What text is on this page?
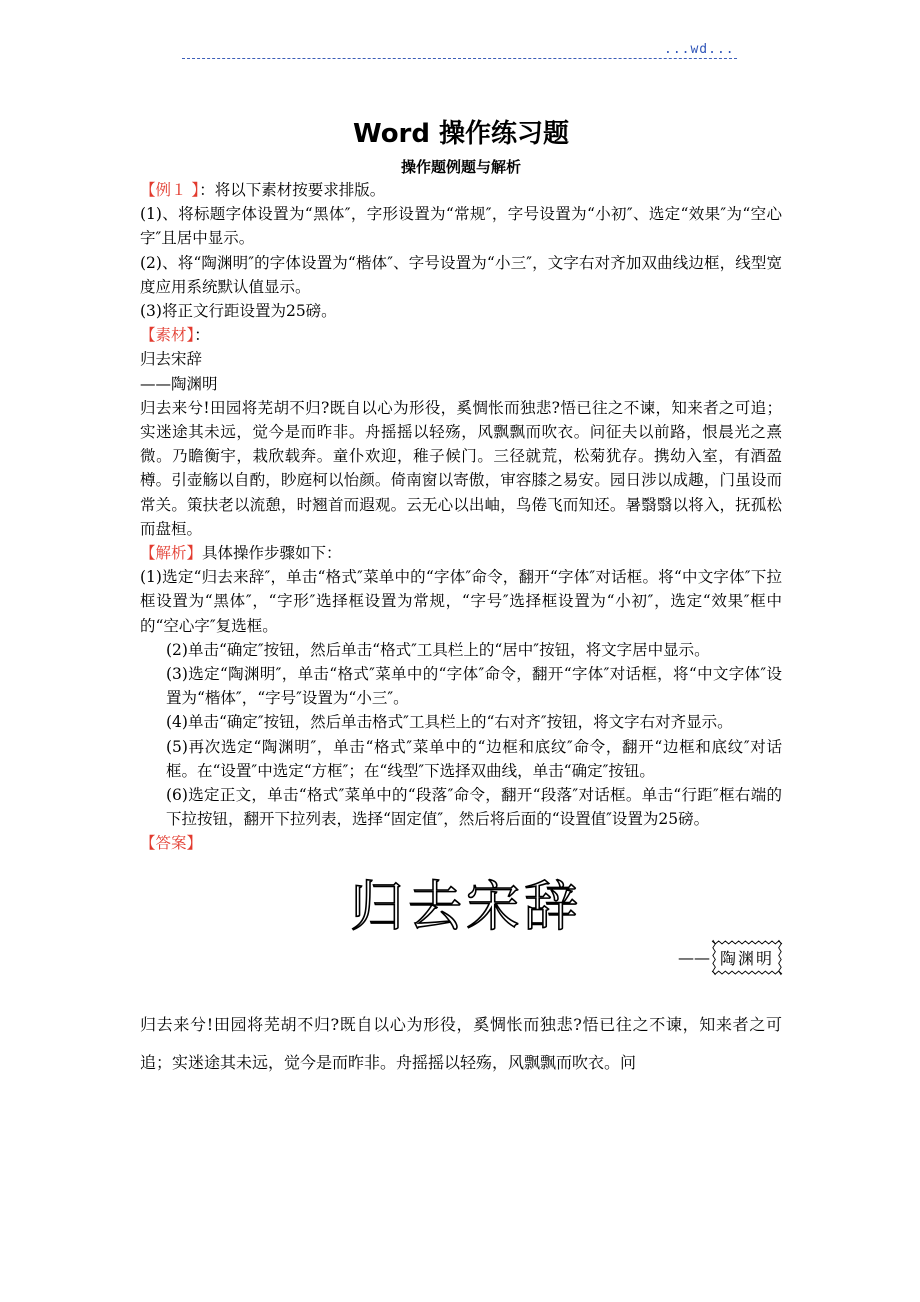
...wd...
Word 操作练习题
操作题例题与解析

【例１ 】：将以下素材按要求排版。

(1)、将标题字体设置为“黑体″，字形设置为“常规″，字号设置为“小初″、选定“效果″为“空心字″且居中显示。

(2)、将“陶渊明″的字体设置为“楷体″、字号设置为“小三″，文字右对齐加双曲线边框，线型宽度应用系统默认值显示。

(3)将正文行距设置为25磅。

【素材】：

归去宋辞

——陶渊明

归去来兮!田园将芜胡不归?既自以心为形役，奚惆怅而独悲?悟已往之不谏，知来者之可追；实迷途其未远，觉今是而昨非。舟摇摇以轻殇，风飘飘而吹衣。问征夫以前路，恨晨光之熹微。乃瞻衡宇，栽欣载奔。童仆欢迎，稚子候门。三径就荒，松菊犹存。携幼入室，有酒盈樽。引壶觞以自酌，眇庭柯以怡颜。倚南窗以寄傲，审容膝之易安。园日涉以成趣，门虽设而常关。策扶老以流憩，时翘首而遐观。云无心以出岫，鸟倦飞而知还。暑翳翳以将入，抚孤松而盘桓。

【解析】具体操作步骤如下：

(1)选定“归去来辞″，单击“格式″菜单中的“字体″命令，翻开“字体″对话框。将“中文字体″下拉框设置为“黑体″，“字形″选择框设置为常规，“字号″选择框设置为“小初″，选定“效果″框中的“空心字″复选框。

(2)单击“确定″按钮，然后单击“格式″工具栏上的“居中″按钮，将文字居中显示。

(3)选定“陶渊明″，单击“格式″菜单中的“字体″命令，翻开“字体″对话框，将“中文字体″设置为“楷体″，“字号″设置为“小三″。

(4)单击“确定″按钮，然后单击格式″工具栏上的“右对齐″按钮，将文字右对齐显示。

(5)再次选定“陶渊明″，单击“格式″菜单中的“边框和底纹″命令，翻开“边框和底纹″对话框。在“设置″中选定“方框″；在“线型″下选择双曲线，单击“确定″按钮。

(6)选定正文，单击“格式″菜单中的“段落″命令，翻开“段落″对话框。单击“行距″框右端的下拉按钮，翻开下拉列表，选择“固定值″，然后将后面的“设置值″设置为25磅。

【答案】

归去宋辞
—— 陶渊明

归去来兮!田园将芜胡不归?既自以心为形役，奚惆怅而独悲?悟已往之不谏，知来者之可追；实迷途其未远，觉今是而昨非。舟摇摇以轻殇，风飘飘而吹衣。问
